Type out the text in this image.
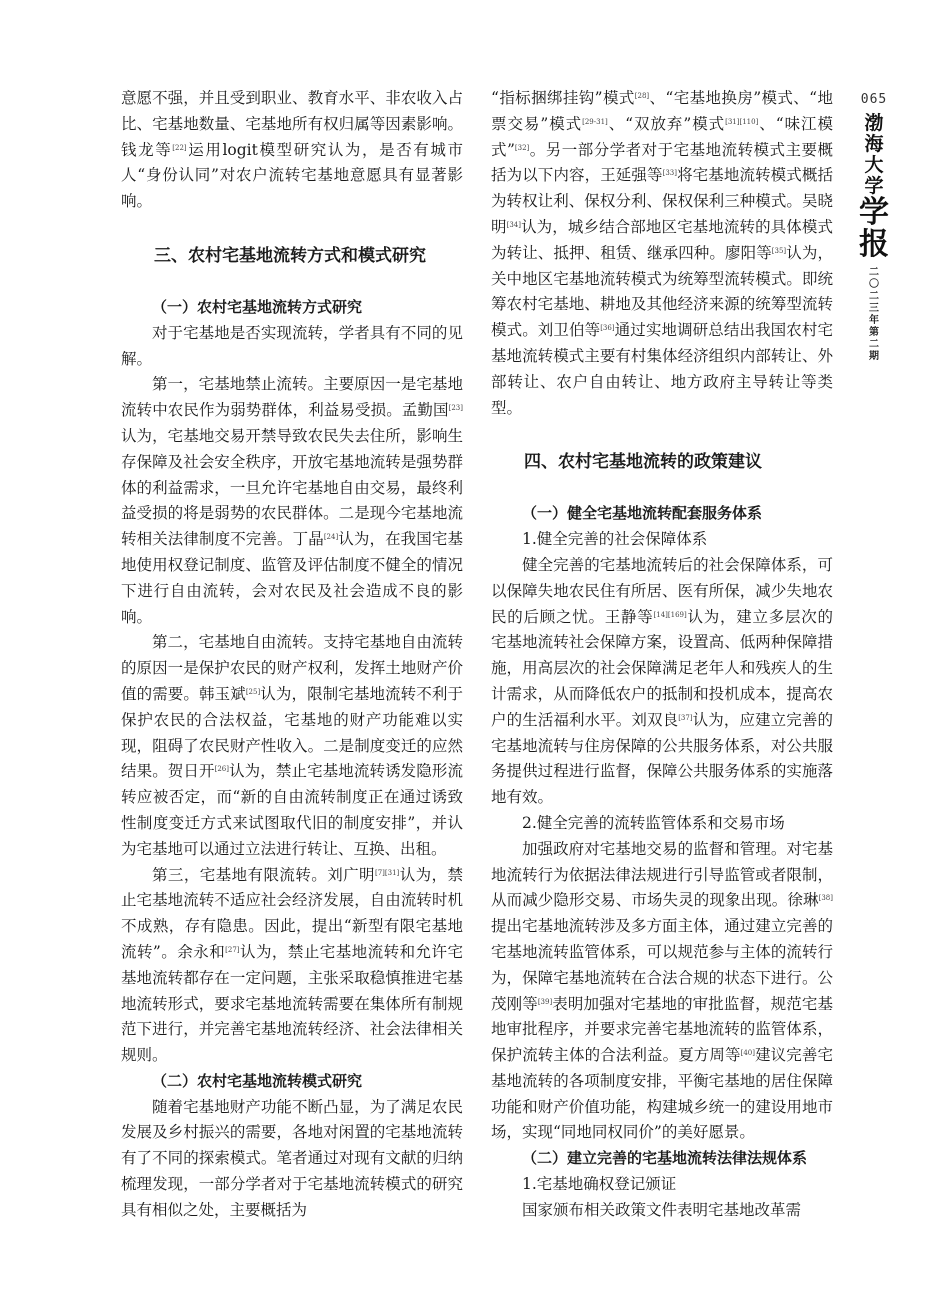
意愿不强，并且受到职业、教育水平、非农收入占比、宅基地数量、宅基地所有权归属等因素影响。钱龙等[22]运用logit模型研究认为，是否有城市人“身份认同”对农户流转宅基地意愿具有显著影响。

三、农村宅基地流转方式和模式研究
（一）农村宅基地流转方式研究

对于宅基地是否实现流转，学者具有不同的见解。

第一，宅基地禁止流转。主要原因一是宅基地流转中农民作为弱势群体，利益易受损。孟勤国[23]认为，宅基地交易开禁导致农民失去住所，影响生存保障及社会安全秩序，开放宅基地流转是强势群体的利益需求，一旦允许宅基地自由交易，最终利益受损的将是弱势的农民群体。二是现今宅基地流转相关法律制度不完善。丁晶[24]认为，在我国宅基地使用权登记制度、监管及评估制度不健全的情况下进行自由流转，会对农民及社会造成不良的影响。

第二，宅基地自由流转。支持宅基地自由流转的原因一是保护农民的财产权利，发挥土地财产价值的需要。韩玉斌[25]认为，限制宅基地流转不利于保护农民的合法权益，宅基地的财产功能难以实现，阻碍了农民财产性收入。二是制度变迁的应然结果。贺日开[26]认为，禁止宅基地流转诱发隐形流转应被否定，而“新的自由流转制度正在通过诱致性制度变迁方式来试图取代旧的制度安排”，并认为宅基地可以通过立法进行转让、互换、出租。

第三，宅基地有限流转。刘广明[7][31]认为，禁止宅基地流转不适应社会经济发展，自由流转时机不成熟，存有隐患。因此，提出“新型有限宅基地流转”。余永和[27]认为，禁止宅基地流转和允许宅基地流转都存在一定问题，主张采取稳慎推进宅基地流转形式，要求宅基地流转需要在集体所有制规范下进行，并完善宅基地流转经济、社会法律相关规则。

（二）农村宅基地流转模式研究

随着宅基地财产功能不断凸显，为了满足农民发展及乡村振兴的需要，各地对闲置的宅基地流转有了不同的探索模式。笔者通过对现有文献的归纳梳理发现，一部分学者对于宅基地流转模式的研究具有相似之处，主要概括为

“指标捆绑挂钩”模式[28]、“宅基地换房”模式、“地票交易”模式[29-31]、“双放弃”模式[31][110]、“味江模式”[32]。另一部分学者对于宅基地流转模式主要概括为以下内容，王延强等[33]将宅基地流转模式概括为转权让利、保权分利、保权保利三种模式。吴晓明[34]认为，城乡结合部地区宅基地流转的具体模式为转让、抵押、租赁、继承四种。廖阳等[35]认为，关中地区宅基地流转模式为统筹型流转模式。即统筹农村宅基地、耕地及其他经济来源的统筹型流转模式。刘卫伯等[36]通过实地调研总结出我国农村宅基地流转模式主要有村集体经济组织内部转让、外部转让、农户自由转让、地方政府主导转让等类型。

四、农村宅基地流转的政策建议
（一）健全宅基地流转配套服务体系

1.健全完善的社会保障体系

健全完善的宅基地流转后的社会保障体系，可以保障失地农民住有所居、医有所保，减少失地农民的后顾之忧。王静等[14][169]认为，建立多层次的宅基地流转社会保障方案，设置高、低两种保障措施，用高层次的社会保障满足老年人和残疾人的生计需求，从而降低农户的抵制和投机成本，提高农户的生活福利水平。刘双良[37]认为，应建立完善的宅基地流转与住房保障的公共服务体系，对公共服务提供过程进行监督，保障公共服务体系的实施落地有效。

2.健全完善的流转监管体系和交易市场

加强政府对宅基地交易的监督和管理。对宅基地流转行为依据法律法规进行引导监管或者限制，从而减少隐形交易、市场失灵的现象出现。徐琳[38]提出宅基地流转涉及多方面主体，通过建立完善的宅基地流转监管体系，可以规范参与主体的流转行为，保障宅基地流转在合法合规的状态下进行。公茂刚等[39]表明加强对宅基地的审批监督，规范宅基地审批程序，并要求完善宅基地流转的监管体系，保护流转主体的合法利益。夏方周等[40]建议完善宅基地流转的各项制度安排，平衡宅基地的居住保障功能和财产价值功能，构建城乡统一的建设用地市场，实现“同地同权同价”的美好愿景。

（二）建立完善的宅基地流转法律法规体系

1.宅基地确权登记颁证

国家颁布相关政策文件表明宅基地改革需

065
渤
海
大
学
学
报
二
〇
二
三
年
第
二
期
